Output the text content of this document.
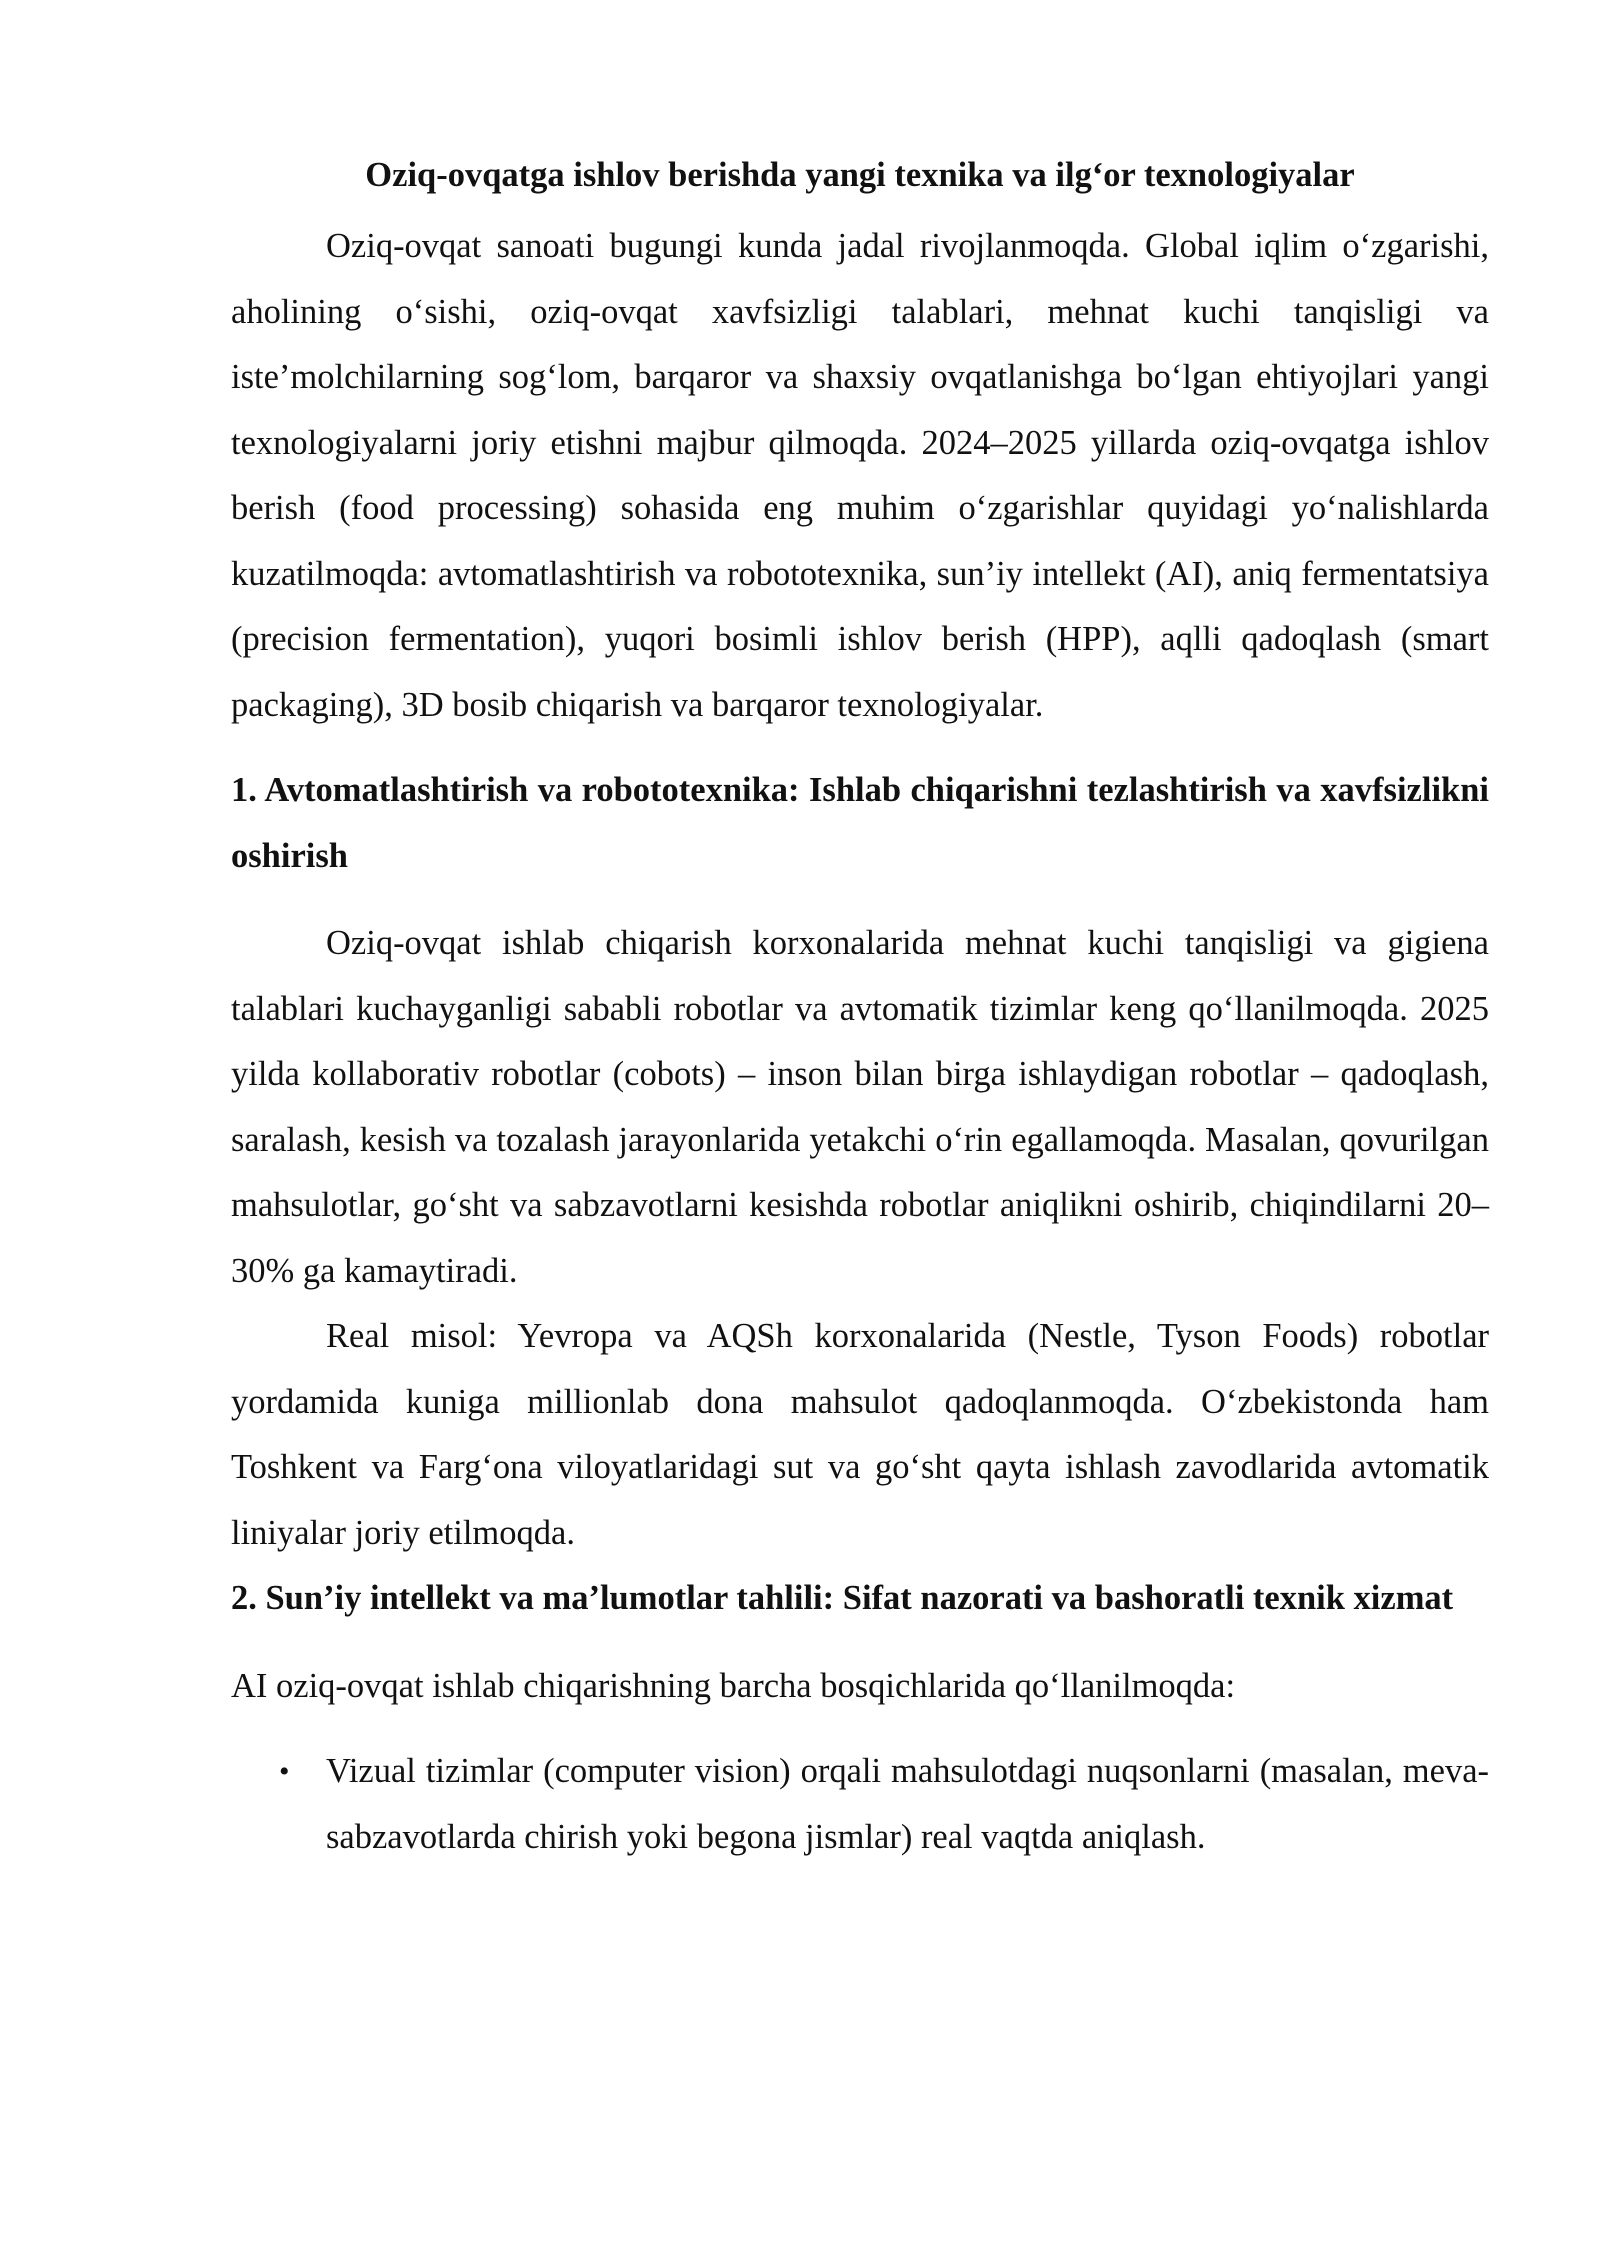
Oziq-ovqatga ishlov berishda yangi texnika va ilg‘or texnologiyalar

Oziq-ovqat sanoati bugungi kunda jadal rivojlanmoqda. Global iqlim o‘zgarishi, aholining o‘sishi, oziq-ovqat xavfsizligi talablari, mehnat kuchi tanqisligi va iste’molchilarning sog‘lom, barqaror va shaxsiy ovqatlanishga bo‘lgan ehtiyojlari yangi texnologiyalarni joriy etishni majbur qilmoqda. 2024–2025 yillarda oziq-ovqatga ishlov berish (food processing) sohasida eng muhim o‘zgarishlar quyidagi yo‘nalishlarda kuzatilmoqda: avtomatlashtirish va robototexnika, sun’iy intellekt (AI), aniq fermentatsiya (precision fermentation), yuqori bosimli ishlov berish (HPP), aqlli qadoqlash (smart packaging), 3D bosib chiqarish va barqaror texnologiyalar.

1. Avtomatlashtirish va robototexnika: Ishlab chiqarishni tezlashtirish va xavfsizlikni oshirish

Oziq-ovqat ishlab chiqarish korxonalarida mehnat kuchi tanqisligi va gigiena talablari kuchayganligi sababli robotlar va avtomatik tizimlar keng qo‘llanilmoqda. 2025 yilda kollaborativ robotlar (cobots) – inson bilan birga ishlaydigan robotlar – qadoqlash, saralash, kesish va tozalash jarayonlarida yetakchi o‘rin egallamoqda. Masalan, qovurilgan mahsulotlar, go‘sht va sabzavotlarni kesishda robotlar aniqlikni oshirib, chiqindilarni 20–30% ga kamaytiradi.

Real misol: Yevropa va AQSh korxonalarida (Nestle, Tyson Foods) robotlar yordamida kuniga millionlab dona mahsulot qadoqlanmoqda. O‘zbekistonda ham Toshkent va Farg‘ona viloyatlaridagi sut va go‘sht qayta ishlash zavodlarida avtomatik liniyalar joriy etilmoqda.

2. Sun’iy intellekt va ma’lumotlar tahlili: Sifat nazorati va bashoratli texnik xizmat

AI oziq-ovqat ishlab chiqarishning barcha bosqichlarida qo‘llanilmoqda:

• Vizual tizimlar (computer vision) orqali mahsulotdagi nuqsonlarni (masalan, meva-sabzavotlarda chirish yoki begona jismlar) real vaqtda aniqlash.
